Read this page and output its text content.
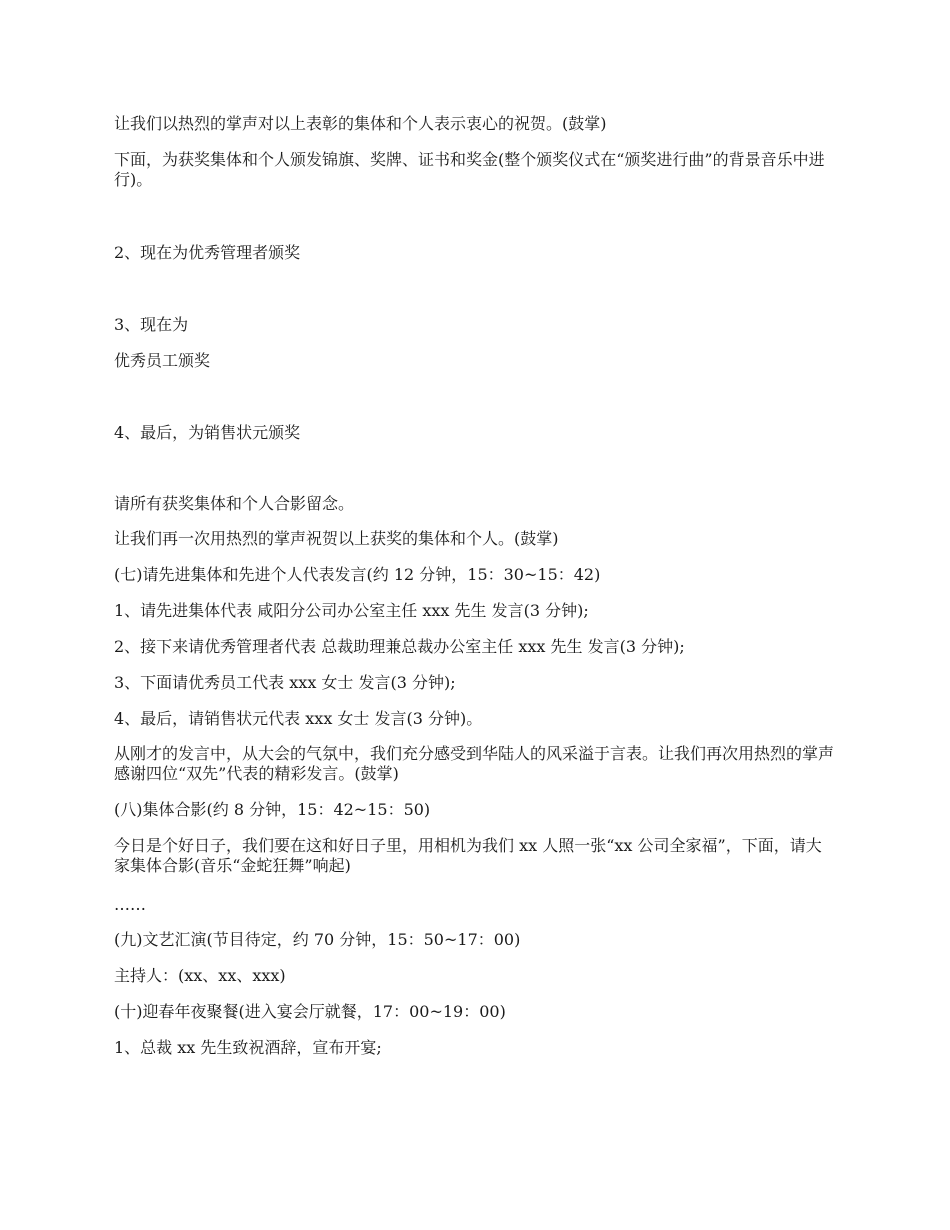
让我们以热烈的掌声对以上表彰的集体和个人表示衷心的祝贺。(鼓掌)

下面，为获奖集体和个人颁发锦旗、奖牌、证书和奖金(整个颁奖仪式在“颁奖进行曲”的背景音乐中进行)。

2、现在为优秀管理者颁奖

3、现在为

优秀员工颁奖

4、最后，为销售状元颁奖

请所有获奖集体和个人合影留念。

让我们再一次用热烈的掌声祝贺以上获奖的集体和个人。(鼓掌)

(七)请先进集体和先进个人代表发言(约 12 分钟，15：30~15：42)

1、请先进集体代表 咸阳分公司办公室主任 xxx 先生 发言(3 分钟);

2、接下来请优秀管理者代表 总裁助理兼总裁办公室主任 xxx 先生 发言(3 分钟);

3、下面请优秀员工代表 xxx 女士 发言(3 分钟);

4、最后，请销售状元代表 xxx 女士 发言(3 分钟)。

从刚才的发言中，从大会的气氛中，我们充分感受到华陆人的风采溢于言表。让我们再次用热烈的掌声感谢四位“双先”代表的精彩发言。(鼓掌)

(八)集体合影(约 8 分钟，15：42~15：50)

今日是个好日子，我们要在这和好日子里，用相机为我们 xx 人照一张“xx 公司全家福”，下面，请大家集体合影(音乐“金蛇狂舞”响起)

……

(九)文艺汇演(节目待定，约 70 分钟，15：50~17：00)

主持人：(xx、xx、xxx)

(十)迎春年夜聚餐(进入宴会厅就餐，17：00~19：00)

1、总裁 xx 先生致祝酒辞，宣布开宴;
